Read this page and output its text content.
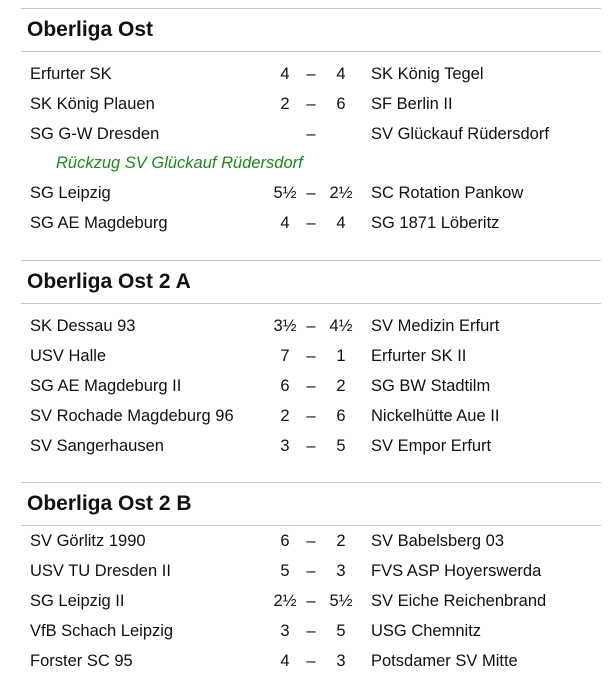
Oberliga Ost
Erfurter SK	4	–	4	SK König Tegel
SK König Plauen	2	–	6	SF Berlin II
SG G-W Dresden	–	SV Glückauf Rüdersdorf
Rückzug SV Glückauf Rüdersdorf
SG Leipzig	5½ – 2½ SC Rotation Pankow
SG AE Magdeburg	4	–	4	SG 1871 Löberitz
Oberliga Ost 2 A
SK Dessau 93	3½ – 4½ SV Medizin Erfurt
USV Halle	7	–	1	Erfurter SK II
SG AE Magdeburg II	6	–	2	SG BW Stadtilm
SV Rochade Magdeburg 96	2	–	6	Nickelhütte Aue II
SV Sangerhausen	3	–	5	SV Empor Erfurt
Oberliga Ost 2 B
SV Görlitz 1990	6	–	2	SV Babelsberg 03
USV TU Dresden II	5	–	3	FVS ASP Hoyerswerda
SG Leipzig II	2½ – 5½ SV Eiche Reichenbrand
VfB Schach Leipzig	3	–	5	USG Chemnitz
Forster SC 95	4	–	3	Potsdamer SV Mitte
